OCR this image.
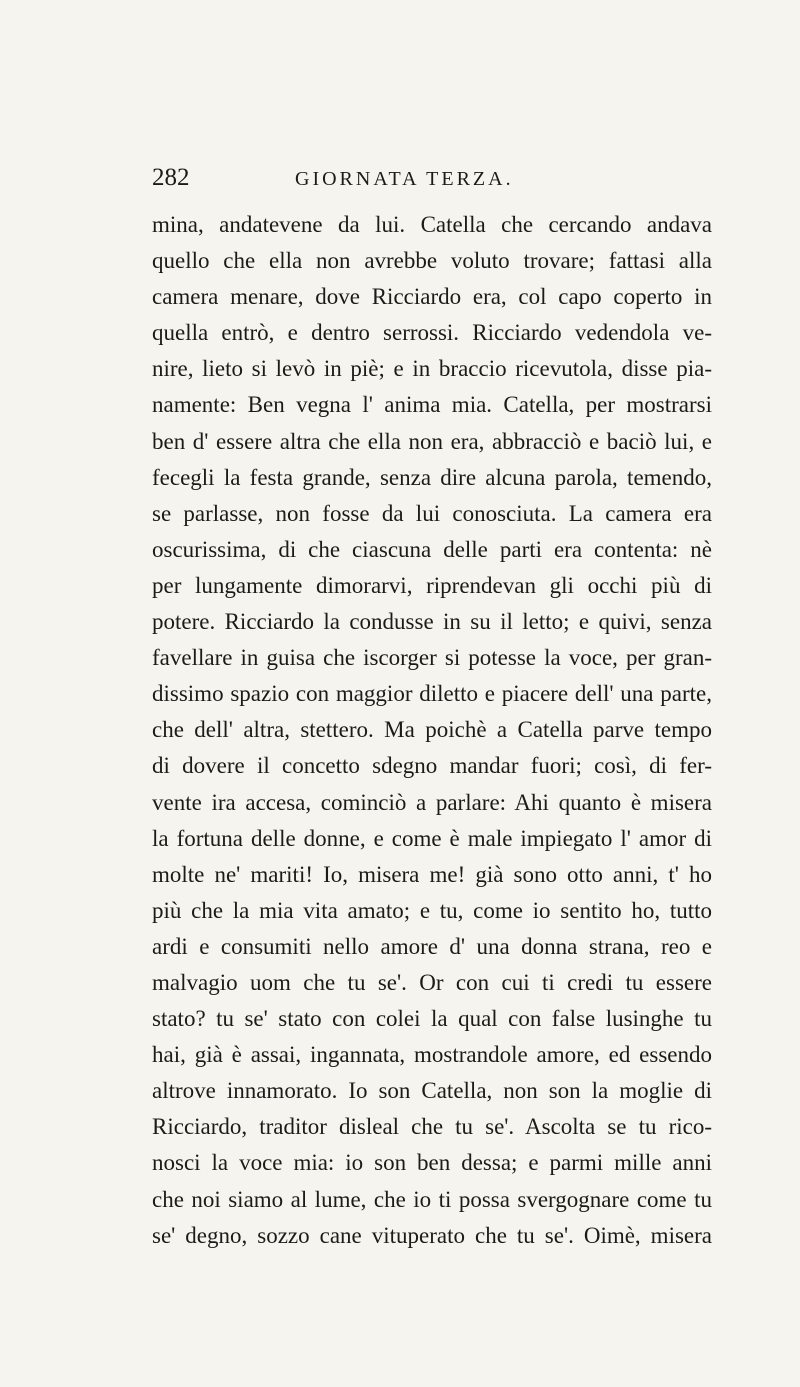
282	GIORNATA TERZA.
mina, andatevene da lui. Catella che cercando andava
quello che ella non avrebbe voluto trovare; fattasi alla
camera menare, dove Ricciardo era, col capo coperto in
quella entrò, e dentro serrossi. Ricciardo vedendola ve-
nire, lieto si levò in piè; e in braccio ricevutola, disse pia-
namente: Ben vegna l' anima mia. Catella, per mostrarsi
ben d' essere altra che ella non era, abbracciò e baciò lui, e
fecegli la festa grande, senza dire alcuna parola, temendo,
se parlasse, non fosse da lui conosciuta. La camera era
oscurissima, di che ciascuna delle parti era contenta: nè
per lungamente dimorarvi, riprendevan gli occhi più di
potere. Ricciardo la condusse in su il letto; e quivi, senza
favellare in guisa che iscorger si potesse la voce, per gran-
dissimo spazio con maggior diletto e piacere dell' una parte,
che dell' altra, stettero. Ma poichè a Catella parve tempo
di dovere il concetto sdegno mandar fuori; così, di fer-
vente ira accesa, cominciò a parlare: Ahi quanto è misera
la fortuna delle donne, e come è male impiegato l' amor di
molte ne' mariti! Io, misera me! già sono otto anni, t' ho
più che la mia vita amato; e tu, come io sentito ho, tutto
ardi e consumiti nello amore d' una donna strana, reo e
malvagio uom che tu se'. Or con cui ti credi tu essere
stato? tu se' stato con colei la qual con false lusinghe tu
hai, già è assai, ingannata, mostrandole amore, ed essendo
altrove innamorato. Io son Catella, non son la moglie di
Ricciardo, traditor disleal che tu se'. Ascolta se tu rico-
nosci la voce mia: io son ben dessa; e parmi mille anni
che noi siamo al lume, che io ti possa svergognare come tu
se' degno, sozzo cane vituperato che tu se'. Oimè, misera
